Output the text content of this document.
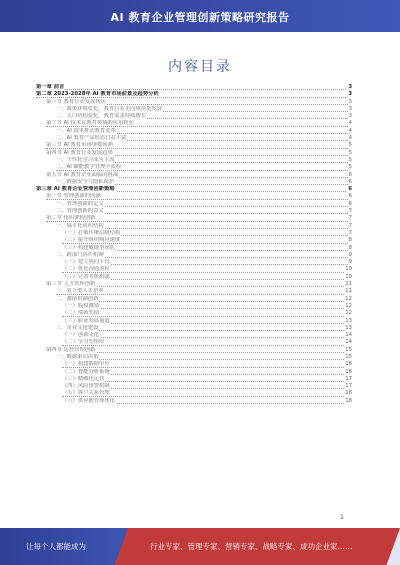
AI 教育企业管理创新策略研究报告
内容目录
第一章 前言	3
第二章 2023-2028年 AI 教育市场前景及趋势分析	3
第一节 教育行业发展现状	3
一、政策环境变化，教育行业走向规范化发展	3
二、人口结构变化，教育需求持续增长	3
第二节 AI 技术在教育领域的应用现状	4
一、AI 技术推动教育变革	4
二、AI 教育产品形态日益丰富	4
第三节 AI 教育市场规模预测	5
第四节 AI 教育行业发展趋势	5
一、个性化学习成为主流	5
二、AI 赋能教学管理全流程	5
第五节 AI 教育企业面临的挑战	6
一、数据安全与隐私保护	6
第三章 AI 教育企业管理创新策略	6
第一节 管理创新的内涵	6
一、管理创新的定义	6
二、管理创新的意义	7
第二节 组织架构创新	7
一、扁平化组织结构	7
（一）打破传统层级结构	7
（二）提升组织响应速度	8
（三）构建敏捷型团队	8
二、跨部门协作机制	9
（一）建立协同平台	9
（二）优化沟通流程	10
（三）完善考核机制	10
第三节 人才管理创新	11
一、复合型人才培养	11
二、激励机制创新	12
（一）股权激励	12
（二）绩效奖励	12
（三）职业发展通道	13
三、企业文化建设	13
（一）创新文化	14
（二）学习型组织	14
第四节 运营管理创新	15
一、数据驱动决策	15
（一）构建数据中台	16
（二）智能分析系统	16
（三）精细化运营	17
（四）风险预警机制	17
（五）客户关系管理	18
（六）供应链管理优化	18
1
让每个人都能成为	行业专家、管理专家、营销专家、战略专家、成功企业家……
